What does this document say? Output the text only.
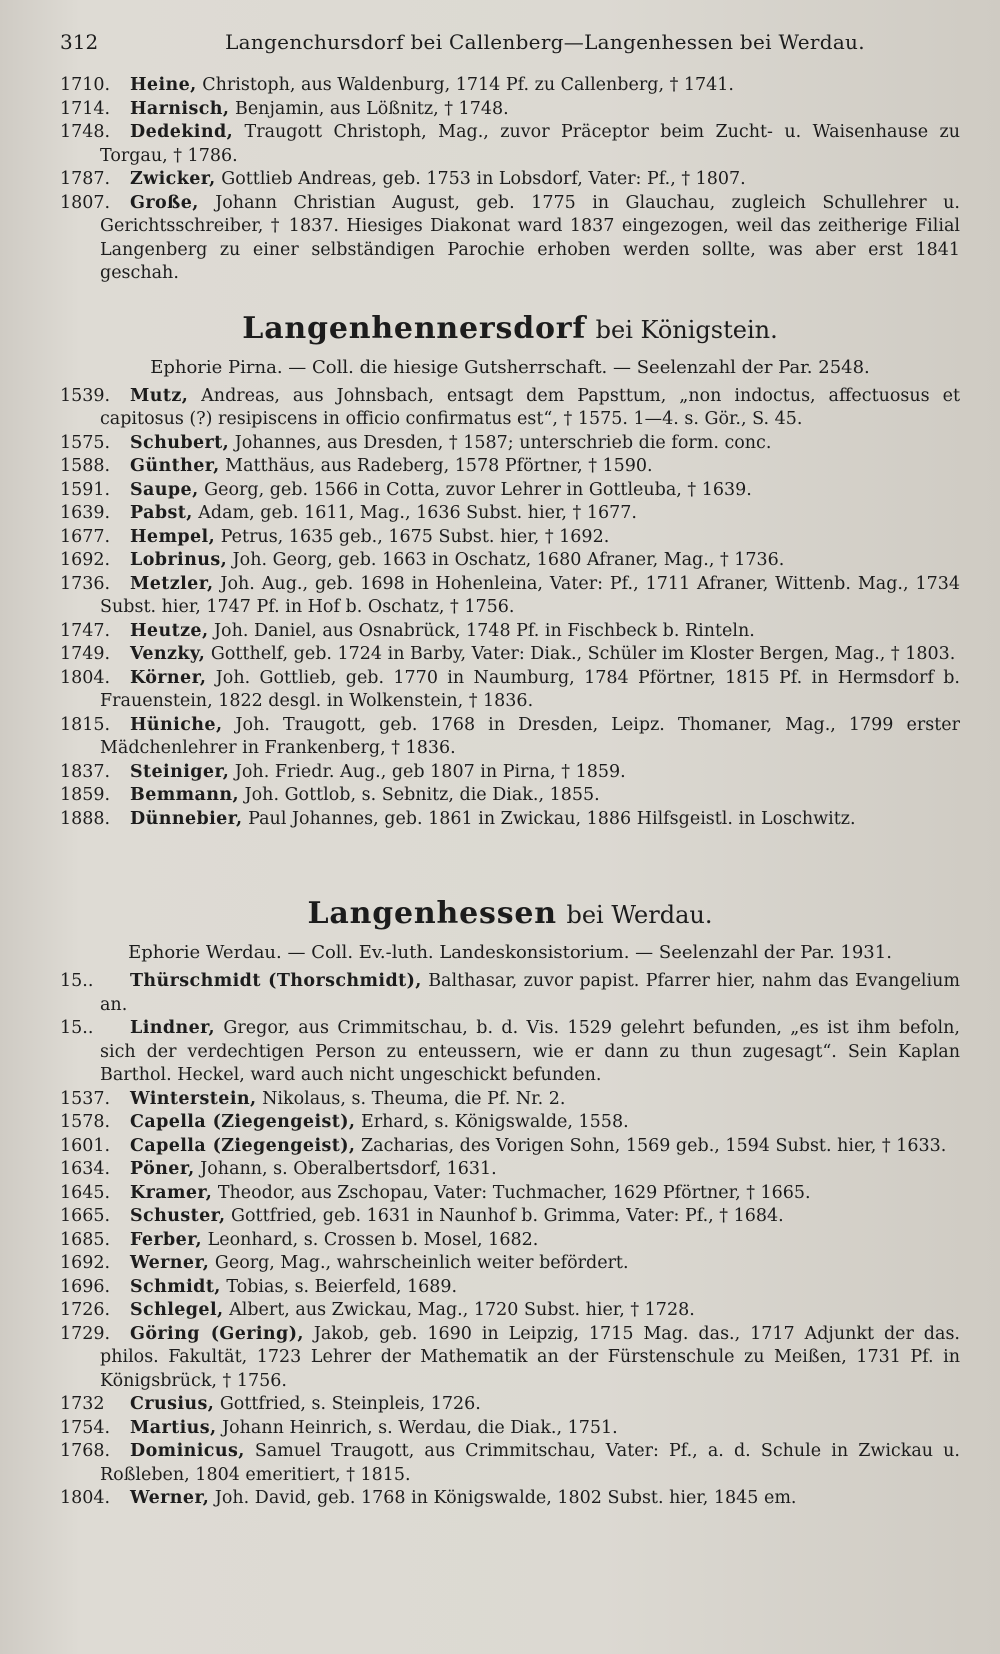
312	Langenchursdorf bei Callenberg—Langenhessen bei Werdau.
1710. Heine, Christoph, aus Waldenburg, 1714 Pf. zu Callenberg, † 1741.
1714. Harnisch, Benjamin, aus Lößnitz, † 1748.
1748. Dedekind, Traugott Christoph, Mag., zuvor Präceptor beim Zucht- u. Waisenhause zu Torgau, † 1786.
1787. Zwicker, Gottlieb Andreas, geb. 1753 in Lobsdorf, Vater: Pf., † 1807.
1807. Große, Johann Christian August, geb. 1775 in Glauchau, zugleich Schullehrer u. Gerichtsschreiber, † 1837. Hiesiges Diakonat ward 1837 eingezogen, weil das zeitherige Filial Langenberg zu einer selbständigen Parochie erhoben werden sollte, was aber erst 1841 geschah.
Langenhennersdorf bei Königstein.
Ephorie Pirna. — Coll. die hiesige Gutsherrschaft. — Seelenzahl der Par. 2548.
1539. Mutz, Andreas, aus Johnsbach, entsagt dem Papsttum, „non indoctus, affectuosus et capitosus (?) resipiscens in officio confirmatus est“, † 1575. 1—4. s. Gör., S. 45.
1575. Schubert, Johannes, aus Dresden, † 1587; unterschrieb die form. conc.
1588. Günther, Matthäus, aus Radeberg, 1578 Pförtner, † 1590.
1591. Saupe, Georg, geb. 1566 in Cotta, zuvor Lehrer in Gottleuba, † 1639.
1639. Pabst, Adam, geb. 1611, Mag., 1636 Subst. hier, † 1677.
1677. Hempel, Petrus, 1635 geb., 1675 Subst. hier, † 1692.
1692. Lobrinus, Joh. Georg, geb. 1663 in Oschatz, 1680 Afraner, Mag., † 1736.
1736. Metzler, Joh. Aug., geb. 1698 in Hohenleina, Vater: Pf., 1711 Afraner, Wittenb. Mag., 1734 Subst. hier, 1747 Pf. in Hof b. Oschatz, † 1756.
1747. Heutze, Joh. Daniel, aus Osnabrück, 1748 Pf. in Fischbeck b. Rinteln.
1749. Venzky, Gotthelf, geb. 1724 in Barby, Vater: Diak., Schüler im Kloster Bergen, Mag., † 1803.
1804. Körner, Joh. Gottlieb, geb. 1770 in Naumburg, 1784 Pförtner, 1815 Pf. in Hermsdorf b. Frauenstein, 1822 desgl. in Wolkenstein, † 1836.
1815. Hüniche, Joh. Traugott, geb. 1768 in Dresden, Leipz. Thomaner, Mag., 1799 erster Mädchenlehrer in Frankenberg, † 1836.
1837. Steiniger, Joh. Friedr. Aug., geb 1807 in Pirna, † 1859.
1859. Bemmann, Joh. Gottlob, s. Sebnitz, die Diak., 1855.
1888. Dünnebier, Paul Johannes, geb. 1861 in Zwickau, 1886 Hilfsgeistl. in Loschwitz.
Langenhessen bei Werdau.
Ephorie Werdau. — Coll. Ev.-luth. Landeskonsistorium. — Seelenzahl der Par. 1931.
15.. Thürschmidt (Thorschmidt), Balthasar, zuvor papist. Pfarrer hier, nahm das Evangelium an.
15.. Lindner, Gregor, aus Crimmitschau, b. d. Vis. 1529 gelehrt befunden, „es ist ihm befoln, sich der verdechtigen Person zu enteussern, wie er dann zu thun zugesagt“. Sein Kaplan Barthol. Heckel, ward auch nicht ungeschickt befunden.
1537. Winterstein, Nikolaus, s. Theuma, die Pf. Nr. 2.
1578. Capella (Ziegengeist), Erhard, s. Königswalde, 1558.
1601. Capella (Ziegengeist), Zacharias, des Vorigen Sohn, 1569 geb., 1594 Subst. hier, † 1633.
1634. Pöner, Johann, s. Oberalbertsdorf, 1631.
1645. Kramer, Theodor, aus Zschopau, Vater: Tuchmacher, 1629 Pförtner, † 1665.
1665. Schuster, Gottfried, geb. 1631 in Naunhof b. Grimma, Vater: Pf., † 1684.
1685. Ferber, Leonhard, s. Crossen b. Mosel, 1682.
1692. Werner, Georg, Mag., wahrscheinlich weiter befördert.
1696. Schmidt, Tobias, s. Beierfeld, 1689.
1726. Schlegel, Albert, aus Zwickau, Mag., 1720 Subst. hier, † 1728.
1729. Göring (Gering), Jakob, geb. 1690 in Leipzig, 1715 Mag. das., 1717 Adjunkt der das. philos. Fakultät, 1723 Lehrer der Mathematik an der Fürstenschule zu Meißen, 1731 Pf. in Königsbrück, † 1756.
1732 Crusius, Gottfried, s. Steinpleis, 1726.
1754. Martius, Johann Heinrich, s. Werdau, die Diak., 1751.
1768. Dominicus, Samuel Traugott, aus Crimmitschau, Vater: Pf., a. d. Schule in Zwickau u. Roßleben, 1804 emeritiert, † 1815.
1804. Werner, Joh. David, geb. 1768 in Königswalde, 1802 Subst. hier, 1845 em.
